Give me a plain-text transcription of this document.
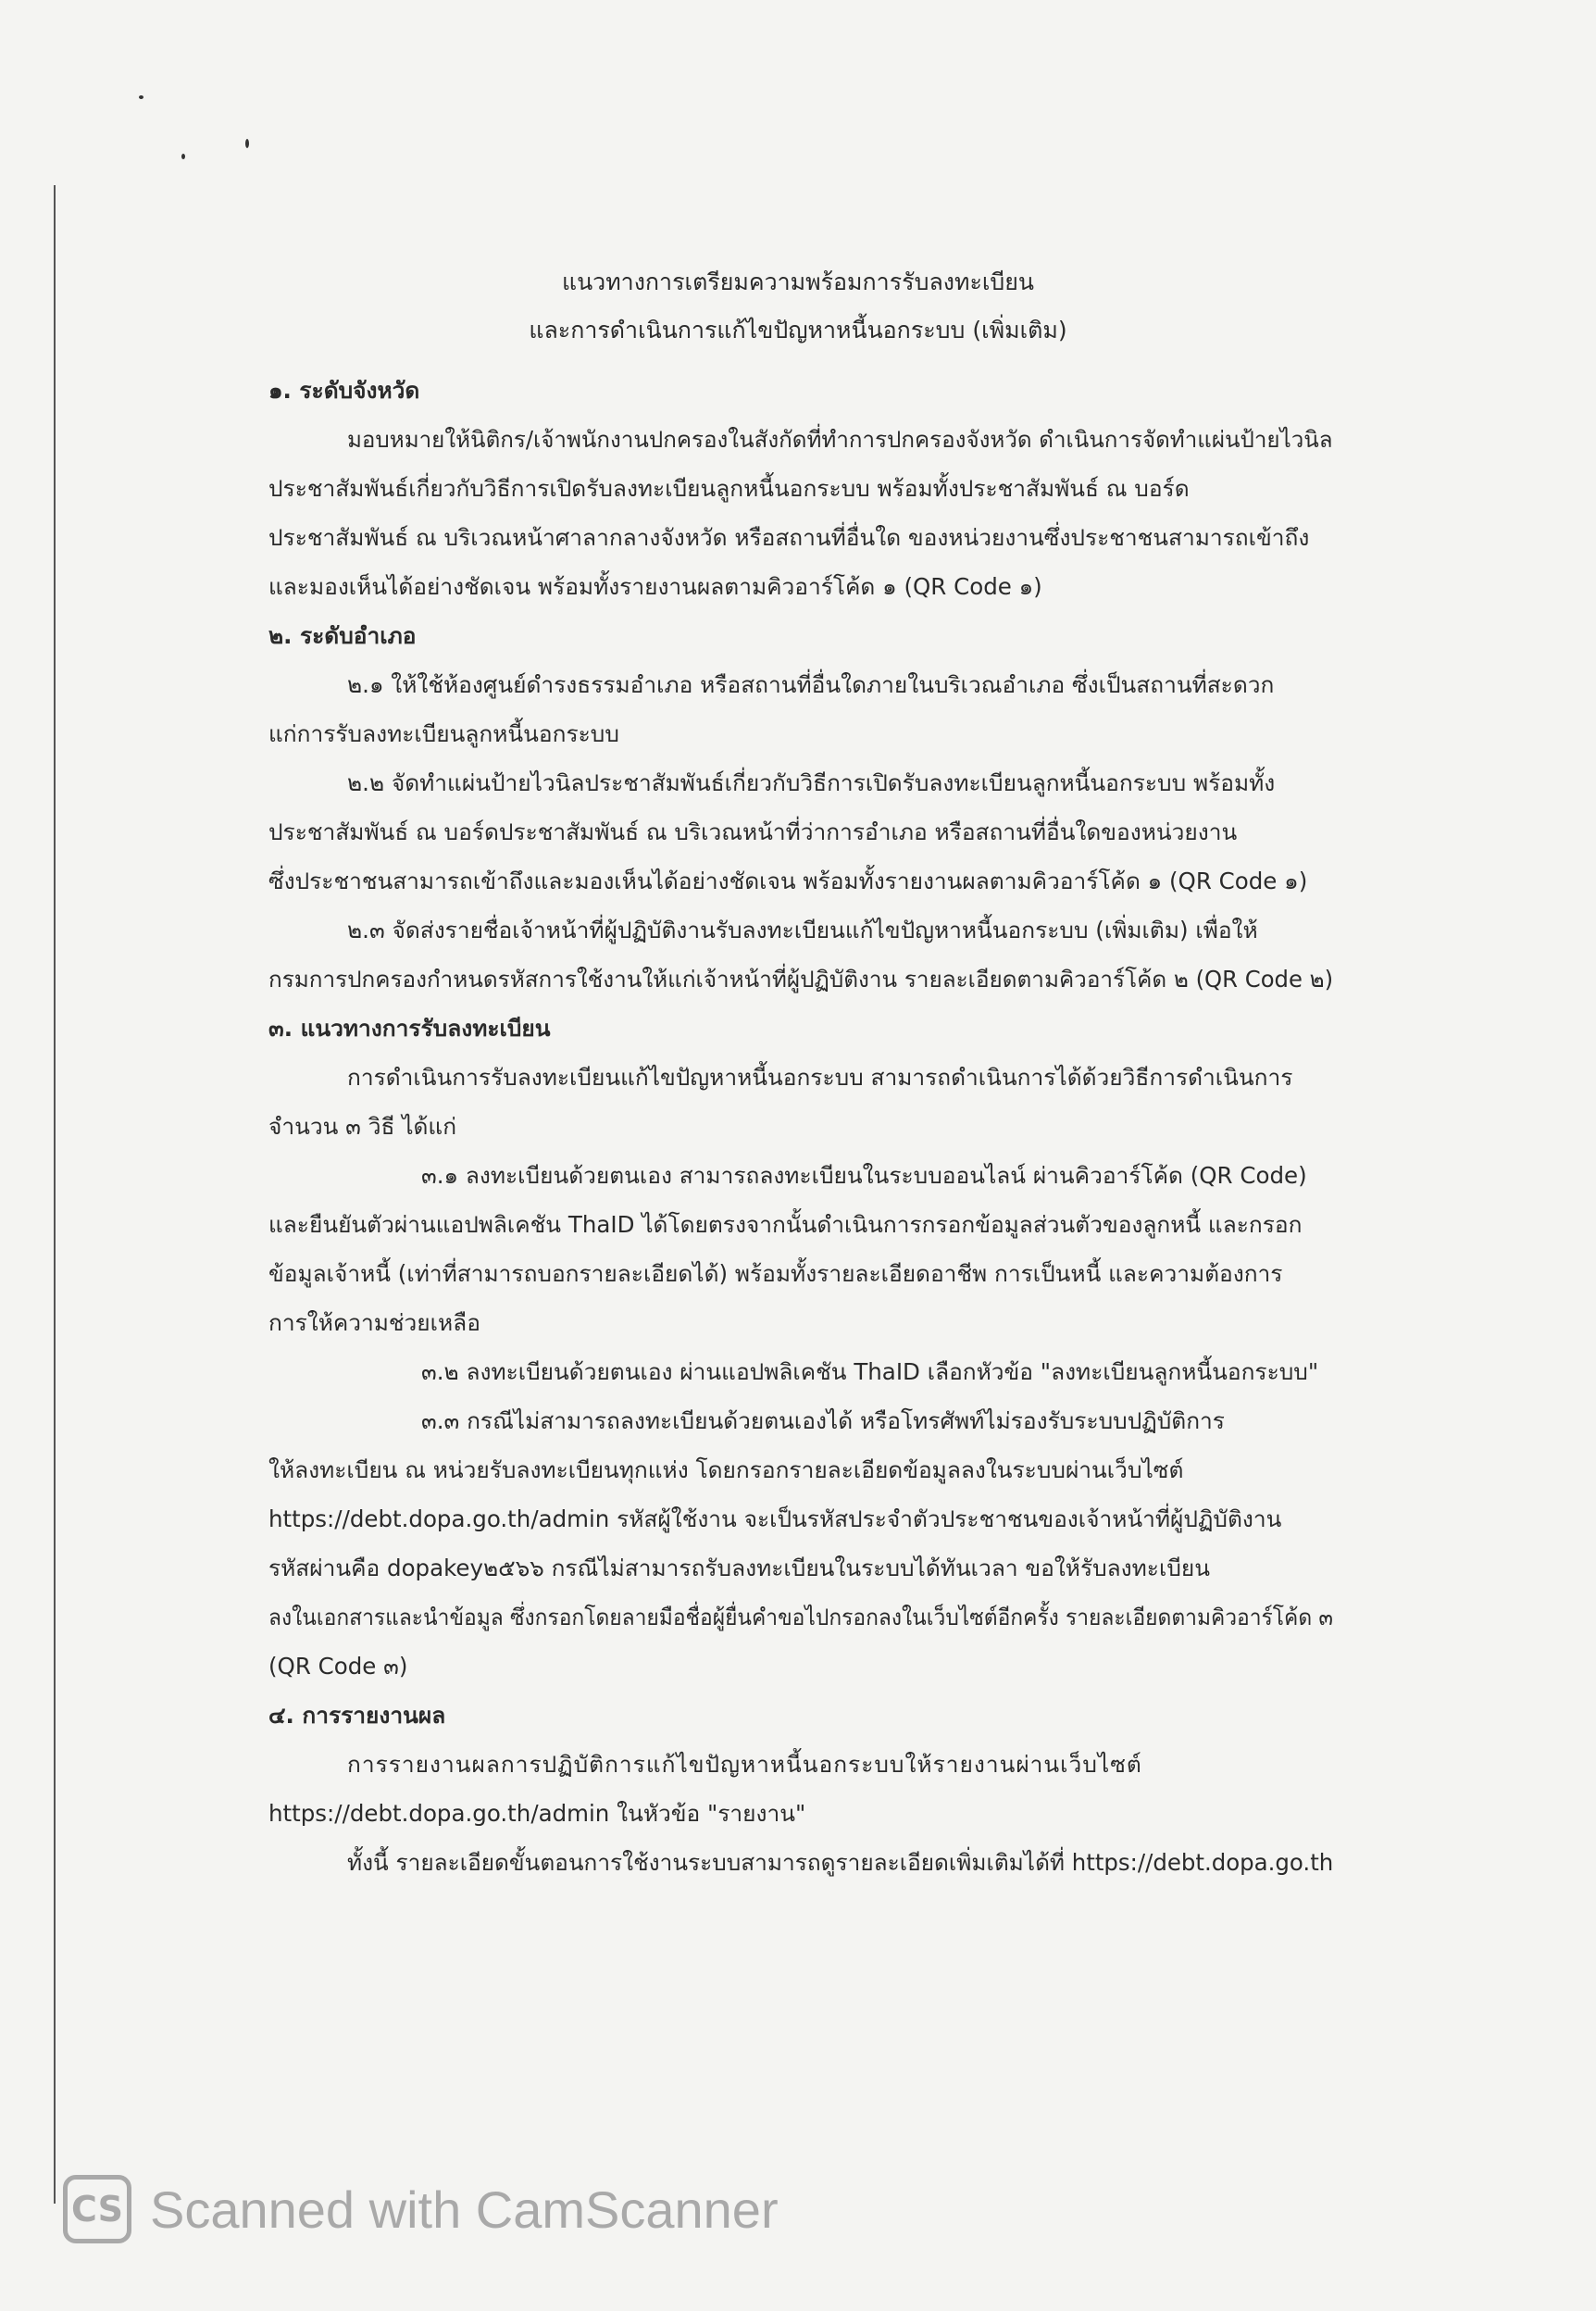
แนวทางการเตรียมความพร้อมการรับลงทะเบียน
และการดำเนินการแก้ไขปัญหาหนี้นอกระบบ (เพิ่มเติม)
๑. ระดับจังหวัด
มอบหมายให้นิติกร/เจ้าพนักงานปกครองในสังกัดที่ทำการปกครองจังหวัด ดำเนินการจัดทำแผ่นป้ายไวนิล
ประชาสัมพันธ์เกี่ยวกับวิธีการเปิดรับลงทะเบียนลูกหนี้นอกระบบ พร้อมทั้งประชาสัมพันธ์ ณ บอร์ด
ประชาสัมพันธ์ ณ บริเวณหน้าศาลากลางจังหวัด หรือสถานที่อื่นใด ของหน่วยงานซึ่งประชาชนสามารถเข้าถึง
และมองเห็นได้อย่างชัดเจน พร้อมทั้งรายงานผลตามคิวอาร์โค้ด ๑ (QR Code ๑)
๒. ระดับอำเภอ
๒.๑ ให้ใช้ห้องศูนย์ดำรงธรรมอำเภอ หรือสถานที่อื่นใดภายในบริเวณอำเภอ ซึ่งเป็นสถานที่สะดวก
แก่การรับลงทะเบียนลูกหนี้นอกระบบ
๒.๒ จัดทำแผ่นป้ายไวนิลประชาสัมพันธ์เกี่ยวกับวิธีการเปิดรับลงทะเบียนลูกหนี้นอกระบบ พร้อมทั้ง
ประชาสัมพันธ์ ณ บอร์ดประชาสัมพันธ์ ณ บริเวณหน้าที่ว่าการอำเภอ หรือสถานที่อื่นใดของหน่วยงาน
ซึ่งประชาชนสามารถเข้าถึงและมองเห็นได้อย่างชัดเจน พร้อมทั้งรายงานผลตามคิวอาร์โค้ด ๑ (QR Code ๑)
๒.๓ จัดส่งรายชื่อเจ้าหน้าที่ผู้ปฏิบัติงานรับลงทะเบียนแก้ไขปัญหาหนี้นอกระบบ (เพิ่มเติม) เพื่อให้
กรมการปกครองกำหนดรหัสการใช้งานให้แก่เจ้าหน้าที่ผู้ปฏิบัติงาน รายละเอียดตามคิวอาร์โค้ด ๒ (QR Code ๒)
๓. แนวทางการรับลงทะเบียน
การดำเนินการรับลงทะเบียนแก้ไขปัญหาหนี้นอกระบบ สามารถดำเนินการได้ด้วยวิธีการดำเนินการ
จำนวน ๓ วิธี ได้แก่
๓.๑ ลงทะเบียนด้วยตนเอง สามารถลงทะเบียนในระบบออนไลน์ ผ่านคิวอาร์โค้ด (QR Code)
และยืนยันตัวผ่านแอปพลิเคชัน ThaID ได้โดยตรงจากนั้นดำเนินการกรอกข้อมูลส่วนตัวของลูกหนี้ และกรอก
ข้อมูลเจ้าหนี้ (เท่าที่สามารถบอกรายละเอียดได้) พร้อมทั้งรายละเอียดอาชีพ การเป็นหนี้ และความต้องการ
การให้ความช่วยเหลือ
๓.๒ ลงทะเบียนด้วยตนเอง ผ่านแอปพลิเคชัน ThaID เลือกหัวข้อ "ลงทะเบียนลูกหนี้นอกระบบ"
๓.๓ กรณีไม่สามารถลงทะเบียนด้วยตนเองได้ หรือโทรศัพท์ไม่รองรับระบบปฏิบัติการ
ให้ลงทะเบียน ณ หน่วยรับลงทะเบียนทุกแห่ง โดยกรอกรายละเอียดข้อมูลลงในระบบผ่านเว็บไซต์
https://debt.dopa.go.th/admin รหัสผู้ใช้งาน จะเป็นรหัสประจำตัวประชาชนของเจ้าหน้าที่ผู้ปฏิบัติงาน
รหัสผ่านคือ dopakey๒๕๖๖ กรณีไม่สามารถรับลงทะเบียนในระบบได้ทันเวลา ขอให้รับลงทะเบียน
ลงในเอกสารและนำข้อมูล ซึ่งกรอกโดยลายมือชื่อผู้ยื่นคำขอไปกรอกลงในเว็บไซต์อีกครั้ง รายละเอียดตามคิวอาร์โค้ด ๓
(QR Code ๓)
๔. การรายงานผล
การรายงานผลการปฏิบัติการแก้ไขปัญหาหนี้นอกระบบให้รายงานผ่านเว็บไซต์
https://debt.dopa.go.th/admin ในหัวข้อ "รายงาน"
ทั้งนี้ รายละเอียดขั้นตอนการใช้งานระบบสามารถดูรายละเอียดเพิ่มเติมได้ที่ https://debt.dopa.go.th
CS Scanned with CamScanner
